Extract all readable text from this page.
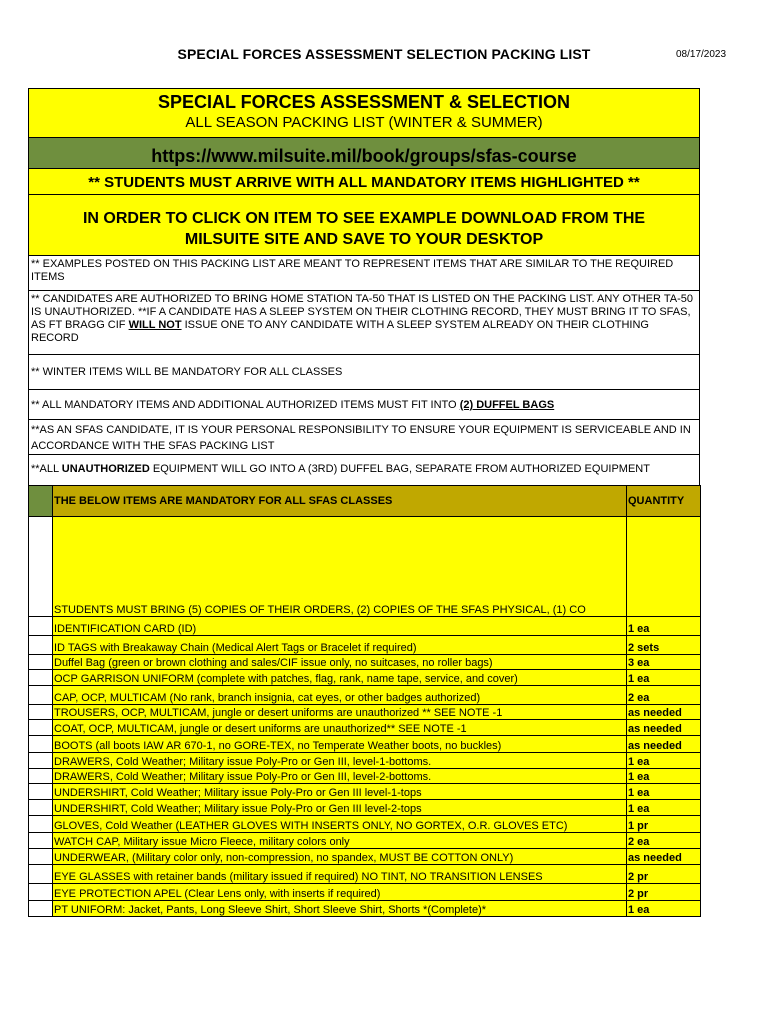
SPECIAL FORCES ASSESSMENT SELECTION PACKING LIST	08/17/2023
SPECIAL FORCES ASSESSMENT & SELECTION
ALL SEASON PACKING LIST (WINTER & SUMMER)
https://www.milsuite.mil/book/groups/sfas-course
** STUDENTS MUST ARRIVE WITH ALL MANDATORY ITEMS HIGHLIGHTED **
IN ORDER TO CLICK ON ITEM TO SEE EXAMPLE DOWNLOAD FROM THE
MILSUITE SITE AND SAVE TO YOUR DESKTOP
** EXAMPLES POSTED ON THIS PACKING LIST ARE MEANT TO REPRESENT ITEMS THAT ARE SIMILAR TO THE REQUIRED ITEMS
** CANDIDATES ARE AUTHORIZED TO BRING HOME STATION TA-50 THAT IS LISTED ON THE PACKING LIST. ANY OTHER TA-50 IS UNAUTHORIZED. **IF A CANDIDATE HAS A SLEEP SYSTEM ON THEIR CLOTHING RECORD, THEY MUST BRING IT TO SFAS, AS FT BRAGG CIF WILL NOT ISSUE ONE TO ANY CANDIDATE WITH A SLEEP SYSTEM ALREADY ON THEIR CLOTHING RECORD
** WINTER ITEMS WILL BE MANDATORY FOR ALL CLASSES
** ALL MANDATORY ITEMS AND ADDITIONAL AUTHORIZED ITEMS MUST FIT INTO (2) DUFFEL BAGS
**AS AN SFAS CANDIDATE, IT IS YOUR PERSONAL RESPONSIBILITY TO ENSURE YOUR EQUIPMENT IS SERVICEABLE AND IN ACCORDANCE WITH THE SFAS PACKING LIST
**ALL UNAUTHORIZED EQUIPMENT WILL GO INTO A (3RD) DUFFEL BAG, SEPARATE FROM AUTHORIZED EQUIPMENT
	THE BELOW ITEMS ARE MANDATORY FOR ALL SFAS CLASSES	QUANTITY
	STUDENTS MUST BRING (5) COPIES OF THEIR ORDERS, (2) COPIES OF THE SFAS PHYSICAL, (1) CO	
	IDENTIFICATION CARD (ID)	1 ea
	ID TAGS with Breakaway Chain (Medical Alert Tags or Bracelet if required)	2 sets
	Duffel Bag (green or brown clothing and sales/CIF issue only, no suitcases, no roller bags)	3 ea
	OCP GARRISON UNIFORM (complete with patches, flag, rank, name tape, service, and cover)	1 ea
	CAP, OCP, MULTICAM (No rank, branch insignia, cat eyes, or other badges authorized)	2 ea
	TROUSERS, OCP, MULTICAM, jungle or desert uniforms are unauthorized ** SEE NOTE -1	as needed
	COAT, OCP, MULTICAM, jungle or desert uniforms are unauthorized** SEE NOTE -1	as needed
	BOOTS (all boots IAW AR 670-1, no GORE-TEX, no Temperate Weather boots, no buckles)	as needed
	DRAWERS, Cold Weather; Military issue Poly-Pro or Gen III, level-1-bottoms.	1 ea
	DRAWERS, Cold Weather; Military issue Poly-Pro or Gen III, level-2-bottoms.	1 ea
	UNDERSHIRT, Cold Weather; Military issue Poly-Pro or Gen III level-1-tops	1 ea
	UNDERSHIRT, Cold Weather; Military issue Poly-Pro or Gen III level-2-tops	1 ea
	GLOVES, Cold Weather (LEATHER GLOVES WITH INSERTS ONLY, NO GORTEX, O.R. GLOVES ETC)	1 pr
	WATCH CAP, Military issue Micro Fleece, military colors only	2 ea
	UNDERWEAR, (Military color only, non-compression, no spandex, MUST BE COTTON ONLY)	as needed
	EYE GLASSES with retainer bands (military issued if required) NO TINT, NO TRANSITION LENSES	2 pr
	EYE PROTECTION APEL (Clear Lens only, with inserts if required)	2 pr
	PT UNIFORM: Jacket, Pants, Long Sleeve Shirt, Short Sleeve Shirt, Shorts *(Complete)*	1 ea
